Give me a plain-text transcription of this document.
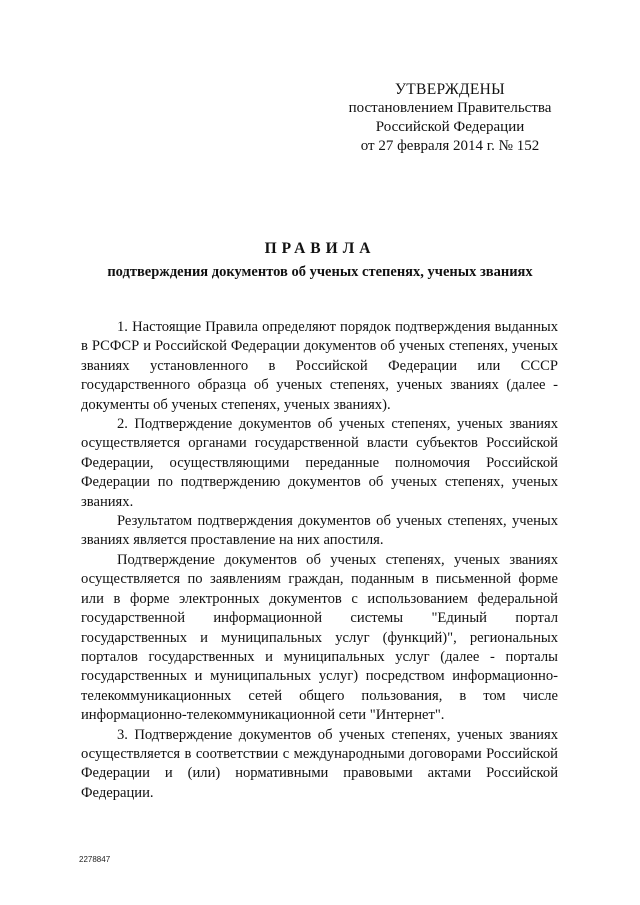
УТВЕРЖДЕНЫ
постановлением Правительства
Российской Федерации
от 27 февраля 2014 г. № 152
ПРАВИЛА
подтверждения документов об ученых степенях, ученых званиях

1. Настоящие Правила определяют порядок подтверждения выданных в РСФСР и Российской Федерации документов об ученых степенях, ученых званиях установленного в Российской Федерации или СССР государственного образца об ученых степенях, ученых званиях (далее - документы об ученых степенях, ученых званиях).

2. Подтверждение документов об ученых степенях, ученых званиях осуществляется органами государственной власти субъектов Российской Федерации, осуществляющими переданные полномочия Российской Федерации по подтверждению документов об ученых степенях, ученых званиях.

Результатом подтверждения документов об ученых степенях, ученых званиях является проставление на них апостиля.

Подтверждение документов об ученых степенях, ученых званиях осуществляется по заявлениям граждан, поданным в письменной форме или в форме электронных документов с использованием федеральной государственной информационной системы "Единый портал государственных и муниципальных услуг (функций)", региональных порталов государственных и муниципальных услуг (далее - порталы государственных и муниципальных услуг) посредством информационно-телекоммуникационных сетей общего пользования, в том числе информационно-телекоммуникационной сети "Интернет".

3. Подтверждение документов об ученых степенях, ученых званиях осуществляется в соответствии с международными договорами Российской Федерации и (или) нормативными правовыми актами Российской Федерации.

2278847
